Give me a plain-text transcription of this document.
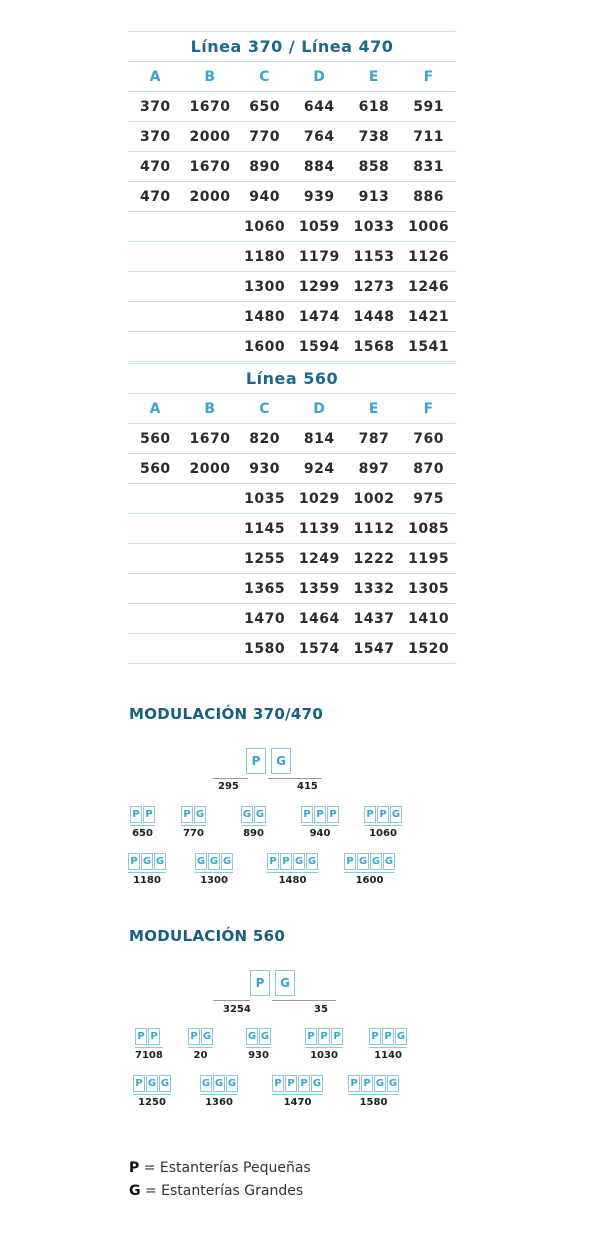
Línea 370 / Línea 470					
A	B	C	D	E	F
370	1670	650	644	618	591
370	2000	770	764	738	711
470	1670	890	884	858	831
470	2000	940	939	913	886
		1060	1059	1033	1006
		1180	1179	1153	1126
		1300	1299	1273	1246
		1480	1474	1448	1421
		1600	1594	1568	1541
Línea 560					
A	B	C	D	E	F
560	1670	820	814	787	760
560	2000	930	924	897	870
		1035	1029	1002	975
		1145	1139	1112	1085
		1255	1249	1222	1195
		1365	1359	1332	1305
		1470	1464	1437	1410
		1580	1574	1547	1520
MODULACIÓN 370/470
P	G
295	415
P P
650
P G
770
G G
890
P P P
940
P P G
1060
P G G
1180
G G G
1300
P P G G
1480
P G G G
1600
MODULACIÓN 560
P	G
3254	35
P P
7108
P G
20
G G
930
P P P
1030
P P G
1140
P G G
1250
G G G
1360
P P P G
1470
P P G G
1580
P = Estanterías Pequeñas
G = Estanterías Grandes
